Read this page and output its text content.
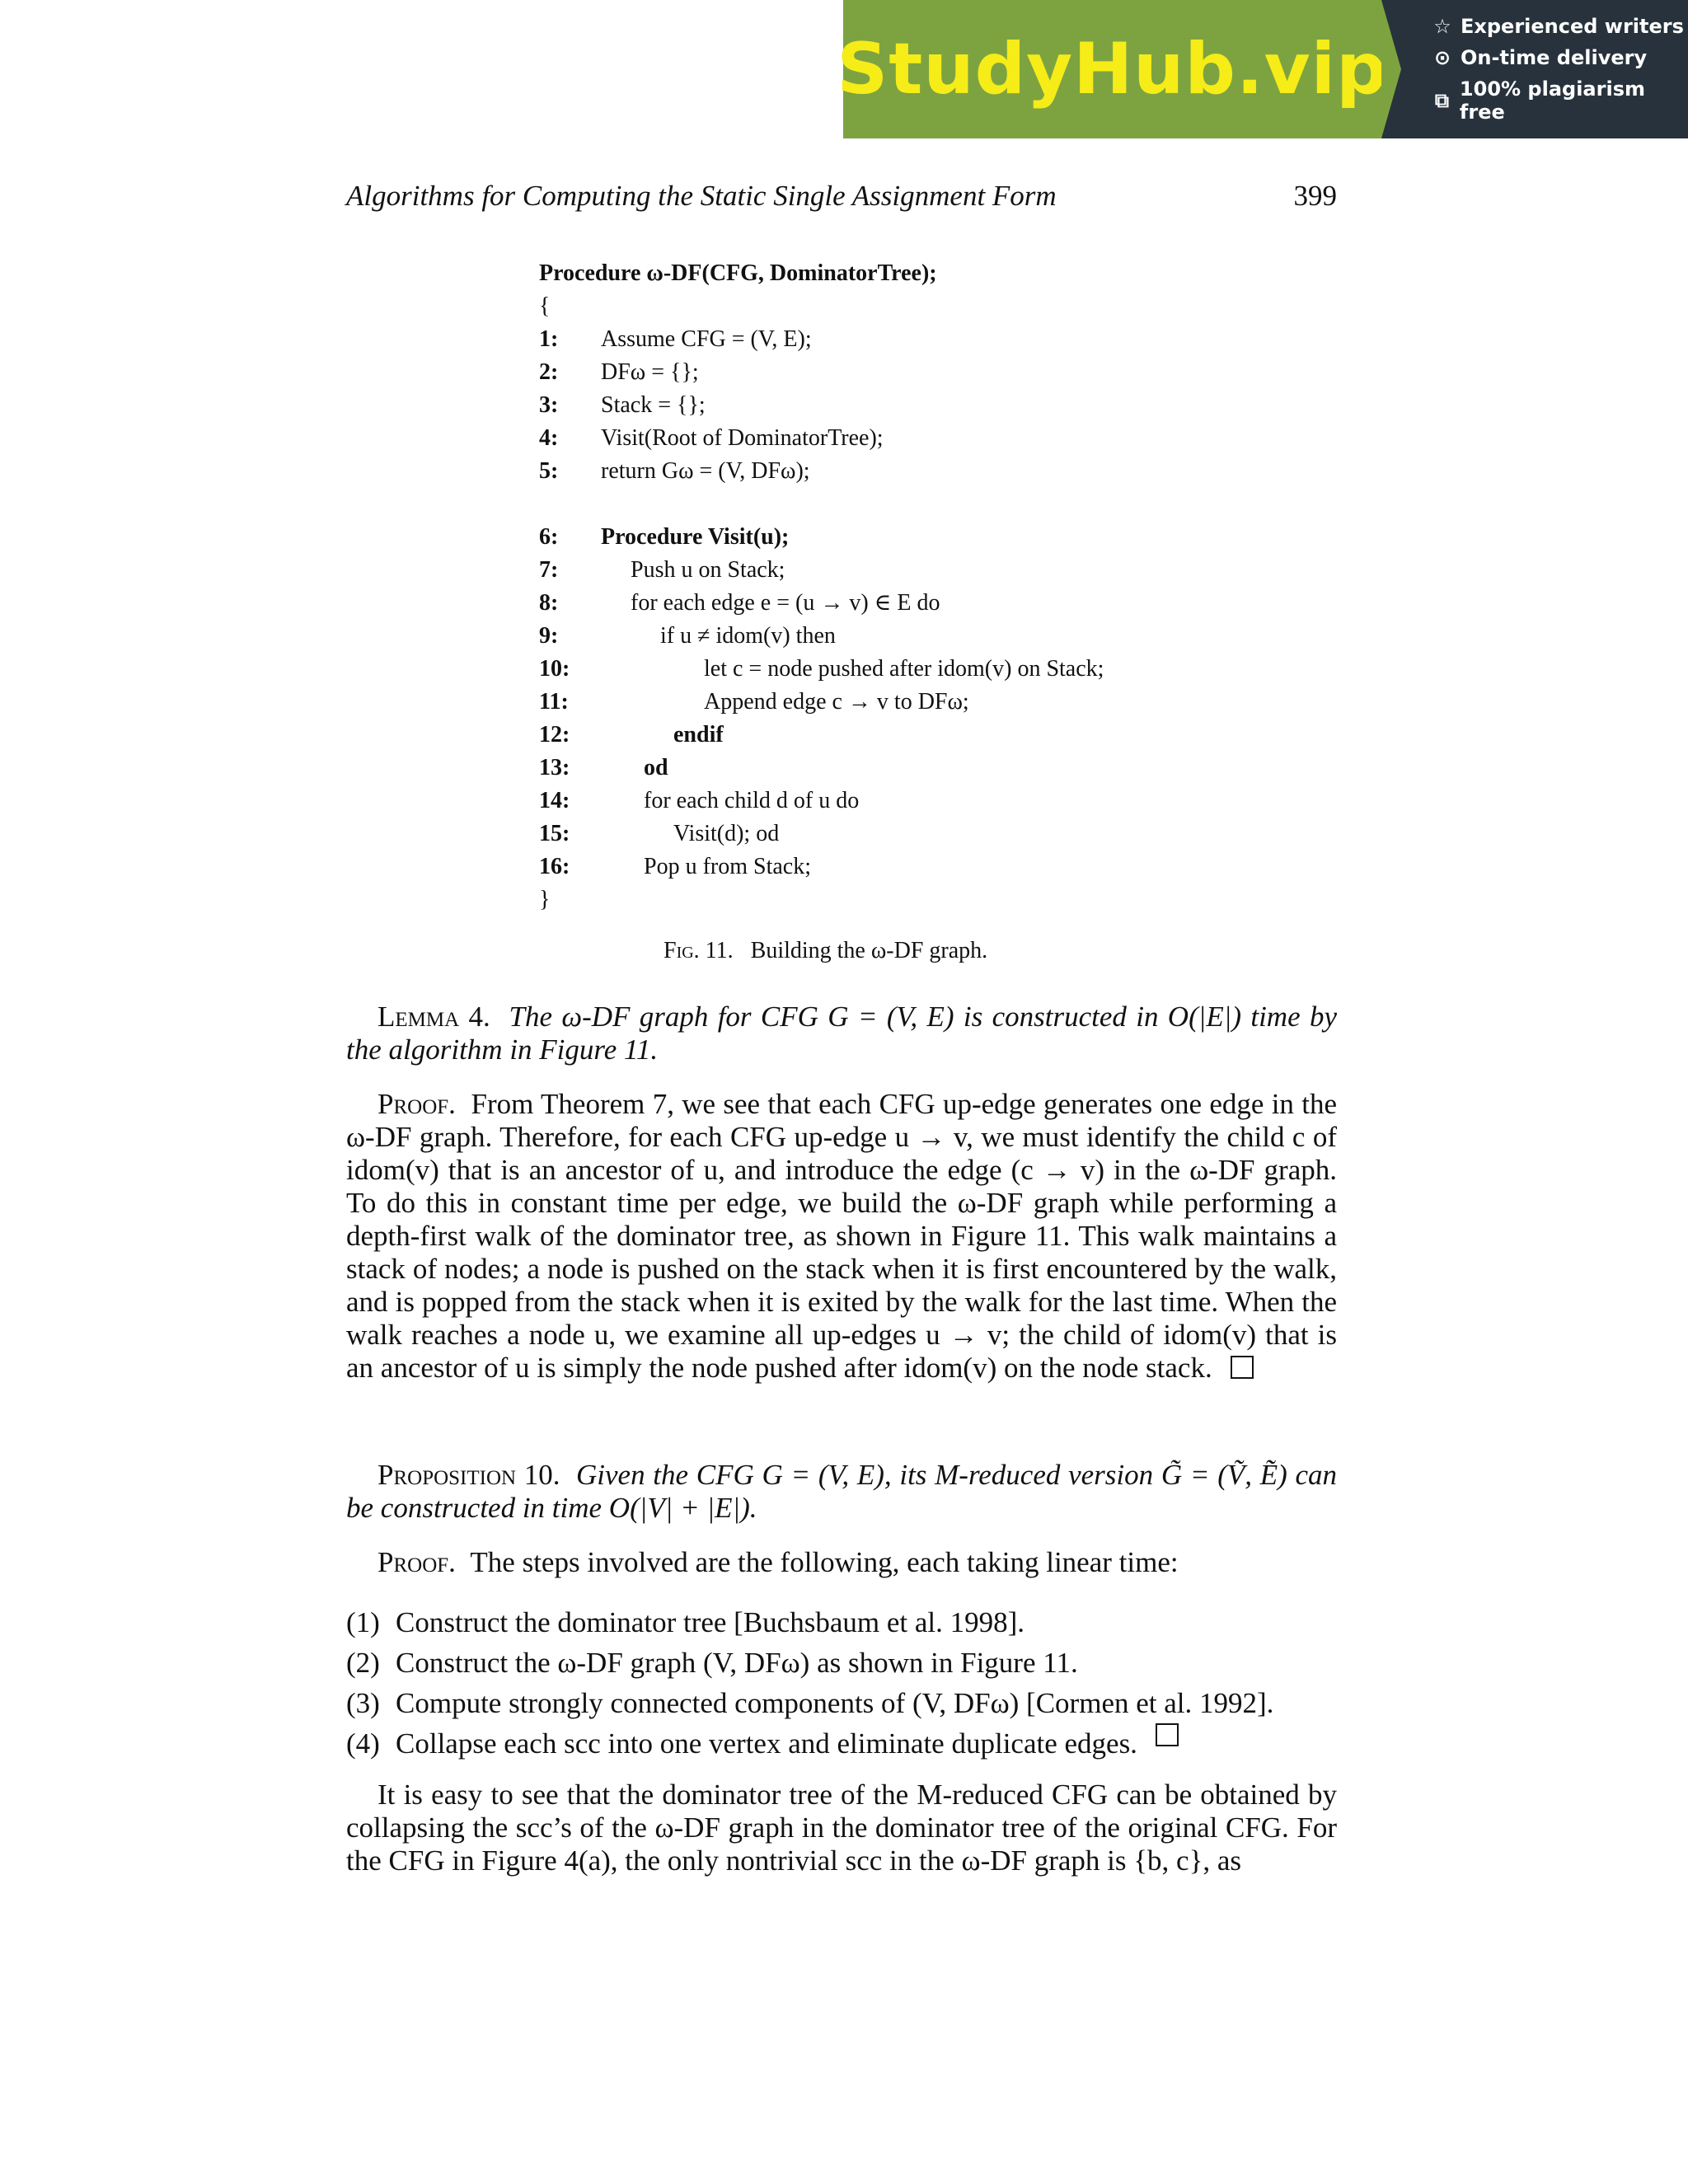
StudyHub.vip
☆ Experienced writers
⊙ On-time delivery
⧉ 100% plagiarism free
Algorithms for Computing the Static Single Assignment Form	399
Procedure ω-DF(CFG, DominatorTree);
{
1:	Assume CFG = (V, E);
2:	DFω = {};
3:	Stack = {};
4:	Visit(Root of DominatorTree);
5:	return Gω = (V, DFω);
6:	Procedure Visit(u);
7:	Push u on Stack;
8:	for each edge e = (u → v) ∈ E do
9:	if u ≠ idom(v) then
10:	let c = node pushed after idom(v) on Stack;
11:	Append edge c → v to DFω;
12:	endif
13:	od
14:	for each child d of u do
15:	Visit(d); od
16:	Pop u from Stack;
}
Fig. 11. Building the ω-DF graph.
Lemma 4. The ω-DF graph for CFG G = (V, E) is constructed in O(|E|) time by the algorithm in Figure 11.
Proof. From Theorem 7, we see that each CFG up-edge generates one edge in the ω-DF graph. Therefore, for each CFG up-edge u → v, we must identify the child c of idom(v) that is an ancestor of u, and introduce the edge (c → v) in the ω-DF graph. To do this in constant time per edge, we build the ω-DF graph while performing a depth-first walk of the dominator tree, as shown in Figure 11. This walk maintains a stack of nodes; a node is pushed on the stack when it is first encountered by the walk, and is popped from the stack when it is exited by the walk for the last time. When the walk reaches a node u, we examine all up-edges u → v; the child of idom(v) that is an ancestor of u is simply the node pushed after idom(v) on the node stack.
Proposition 10. Given the CFG G = (V, E), its M-reduced version G̃ = (Ṽ, Ẽ) can be constructed in time O(|V| + |E|).
Proof. The steps involved are the following, each taking linear time:
(1) Construct the dominator tree [Buchsbaum et al. 1998].
(2) Construct the ω-DF graph (V, DFω) as shown in Figure 11.
(3) Compute strongly connected components of (V, DFω) [Cormen et al. 1992].
(4) Collapse each scc into one vertex and eliminate duplicate edges.
It is easy to see that the dominator tree of the M-reduced CFG can be obtained by collapsing the scc’s of the ω-DF graph in the dominator tree of the original CFG. For the CFG in Figure 4(a), the only nontrivial scc in the ω-DF graph is {b, c}, as
